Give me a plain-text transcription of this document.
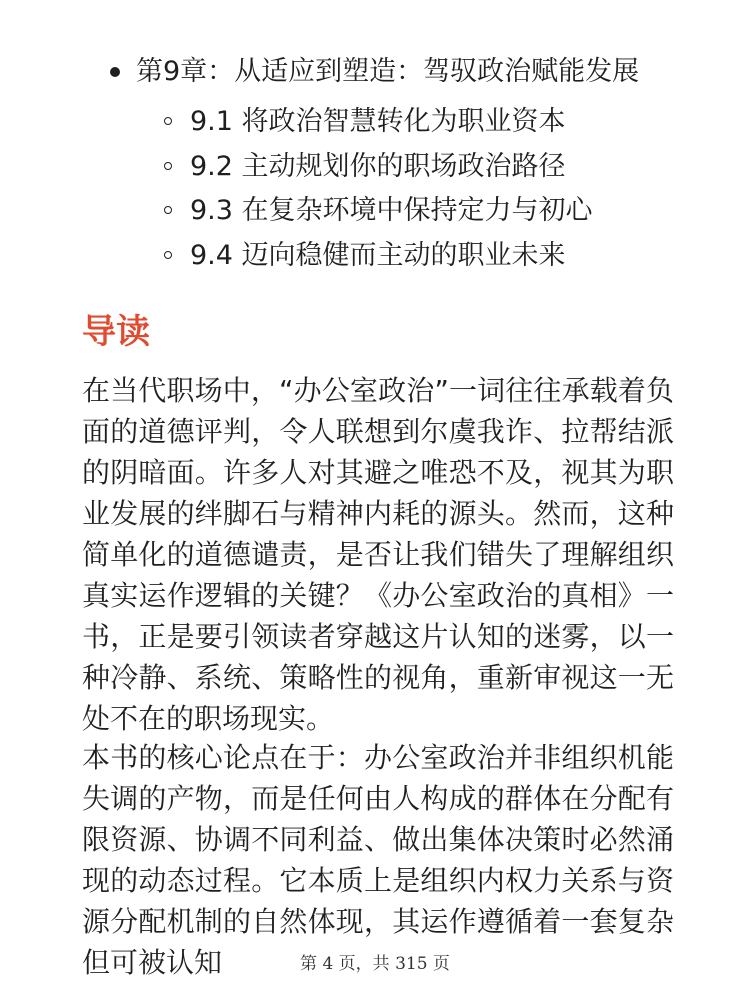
第9章：从适应到塑造：驾驭政治赋能发展
9.1 将政治智慧转化为职业资本
9.2 主动规划你的职场政治路径
9.3 在复杂环境中保持定力与初心
9.4 迈向稳健而主动的职业未来
导读

在当代职场中，“办公室政治”一词往往承载着负面的道德评判，令人联想到尔虞我诈、拉帮结派的阴暗面。许多人对其避之唯恐不及，视其为职业发展的绊脚石与精神内耗的源头。然而，这种简单化的道德谴责，是否让我们错失了理解组织真实运作逻辑的关键？《办公室政治的真相》一书，正是要引领读者穿越这片认知的迷雾，以一种冷静、系统、策略性的视角，重新审视这一无处不在的职场现实。

本书的核心论点在于：办公室政治并非组织机能失调的产物，而是任何由人构成的群体在分配有限资源、协调不同利益、做出集体决策时必然涌现的动态过程。它本质上是组织内权力关系与资源分配机制的自然体现，其运作遵循着一套复杂但可被认知	第 4 页，共 315 页
